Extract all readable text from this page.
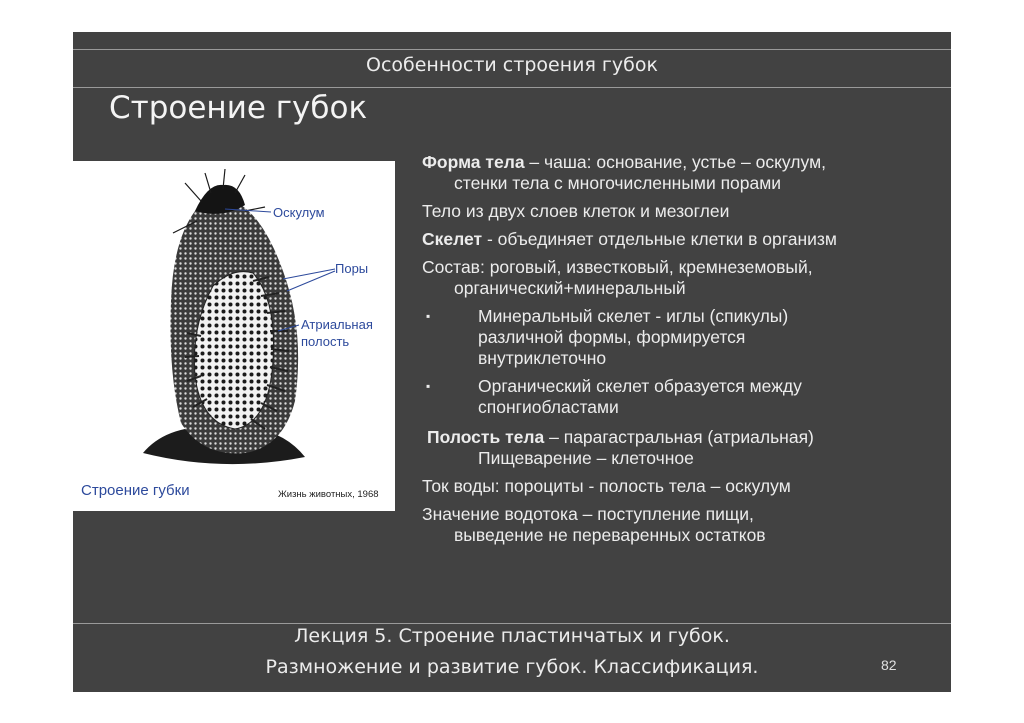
Особенности строения губок
Строение губок
Оскулум
Поры
Атриальная
полость
Строение губки	Жизнь животных, 1968
Форма тела – чаша: основание, устье – оскулум,
стенки тела с многочисленными порами
Тело из двух слоев клеток и мезоглеи
Скелет - объединяет отдельные клетки в организм
Состав: роговый, известковый, кремнеземовый,
органический+минеральный
▪	Минеральный скелет - иглы (спикулы)
различной формы, формируется
внутриклеточно
▪	Органический скелет образуется между
спонгиобластами
Полость тела – парагастральная (атриальная)
Пищеварение – клеточное
Ток воды: пороциты - полость тела – оскулум
Значение водотока – поступление пищи,
выведение не переваренных остатков
Лекция 5. Строение пластинчатых и губок.
Размножение и развитие губок. Классификация.	82
